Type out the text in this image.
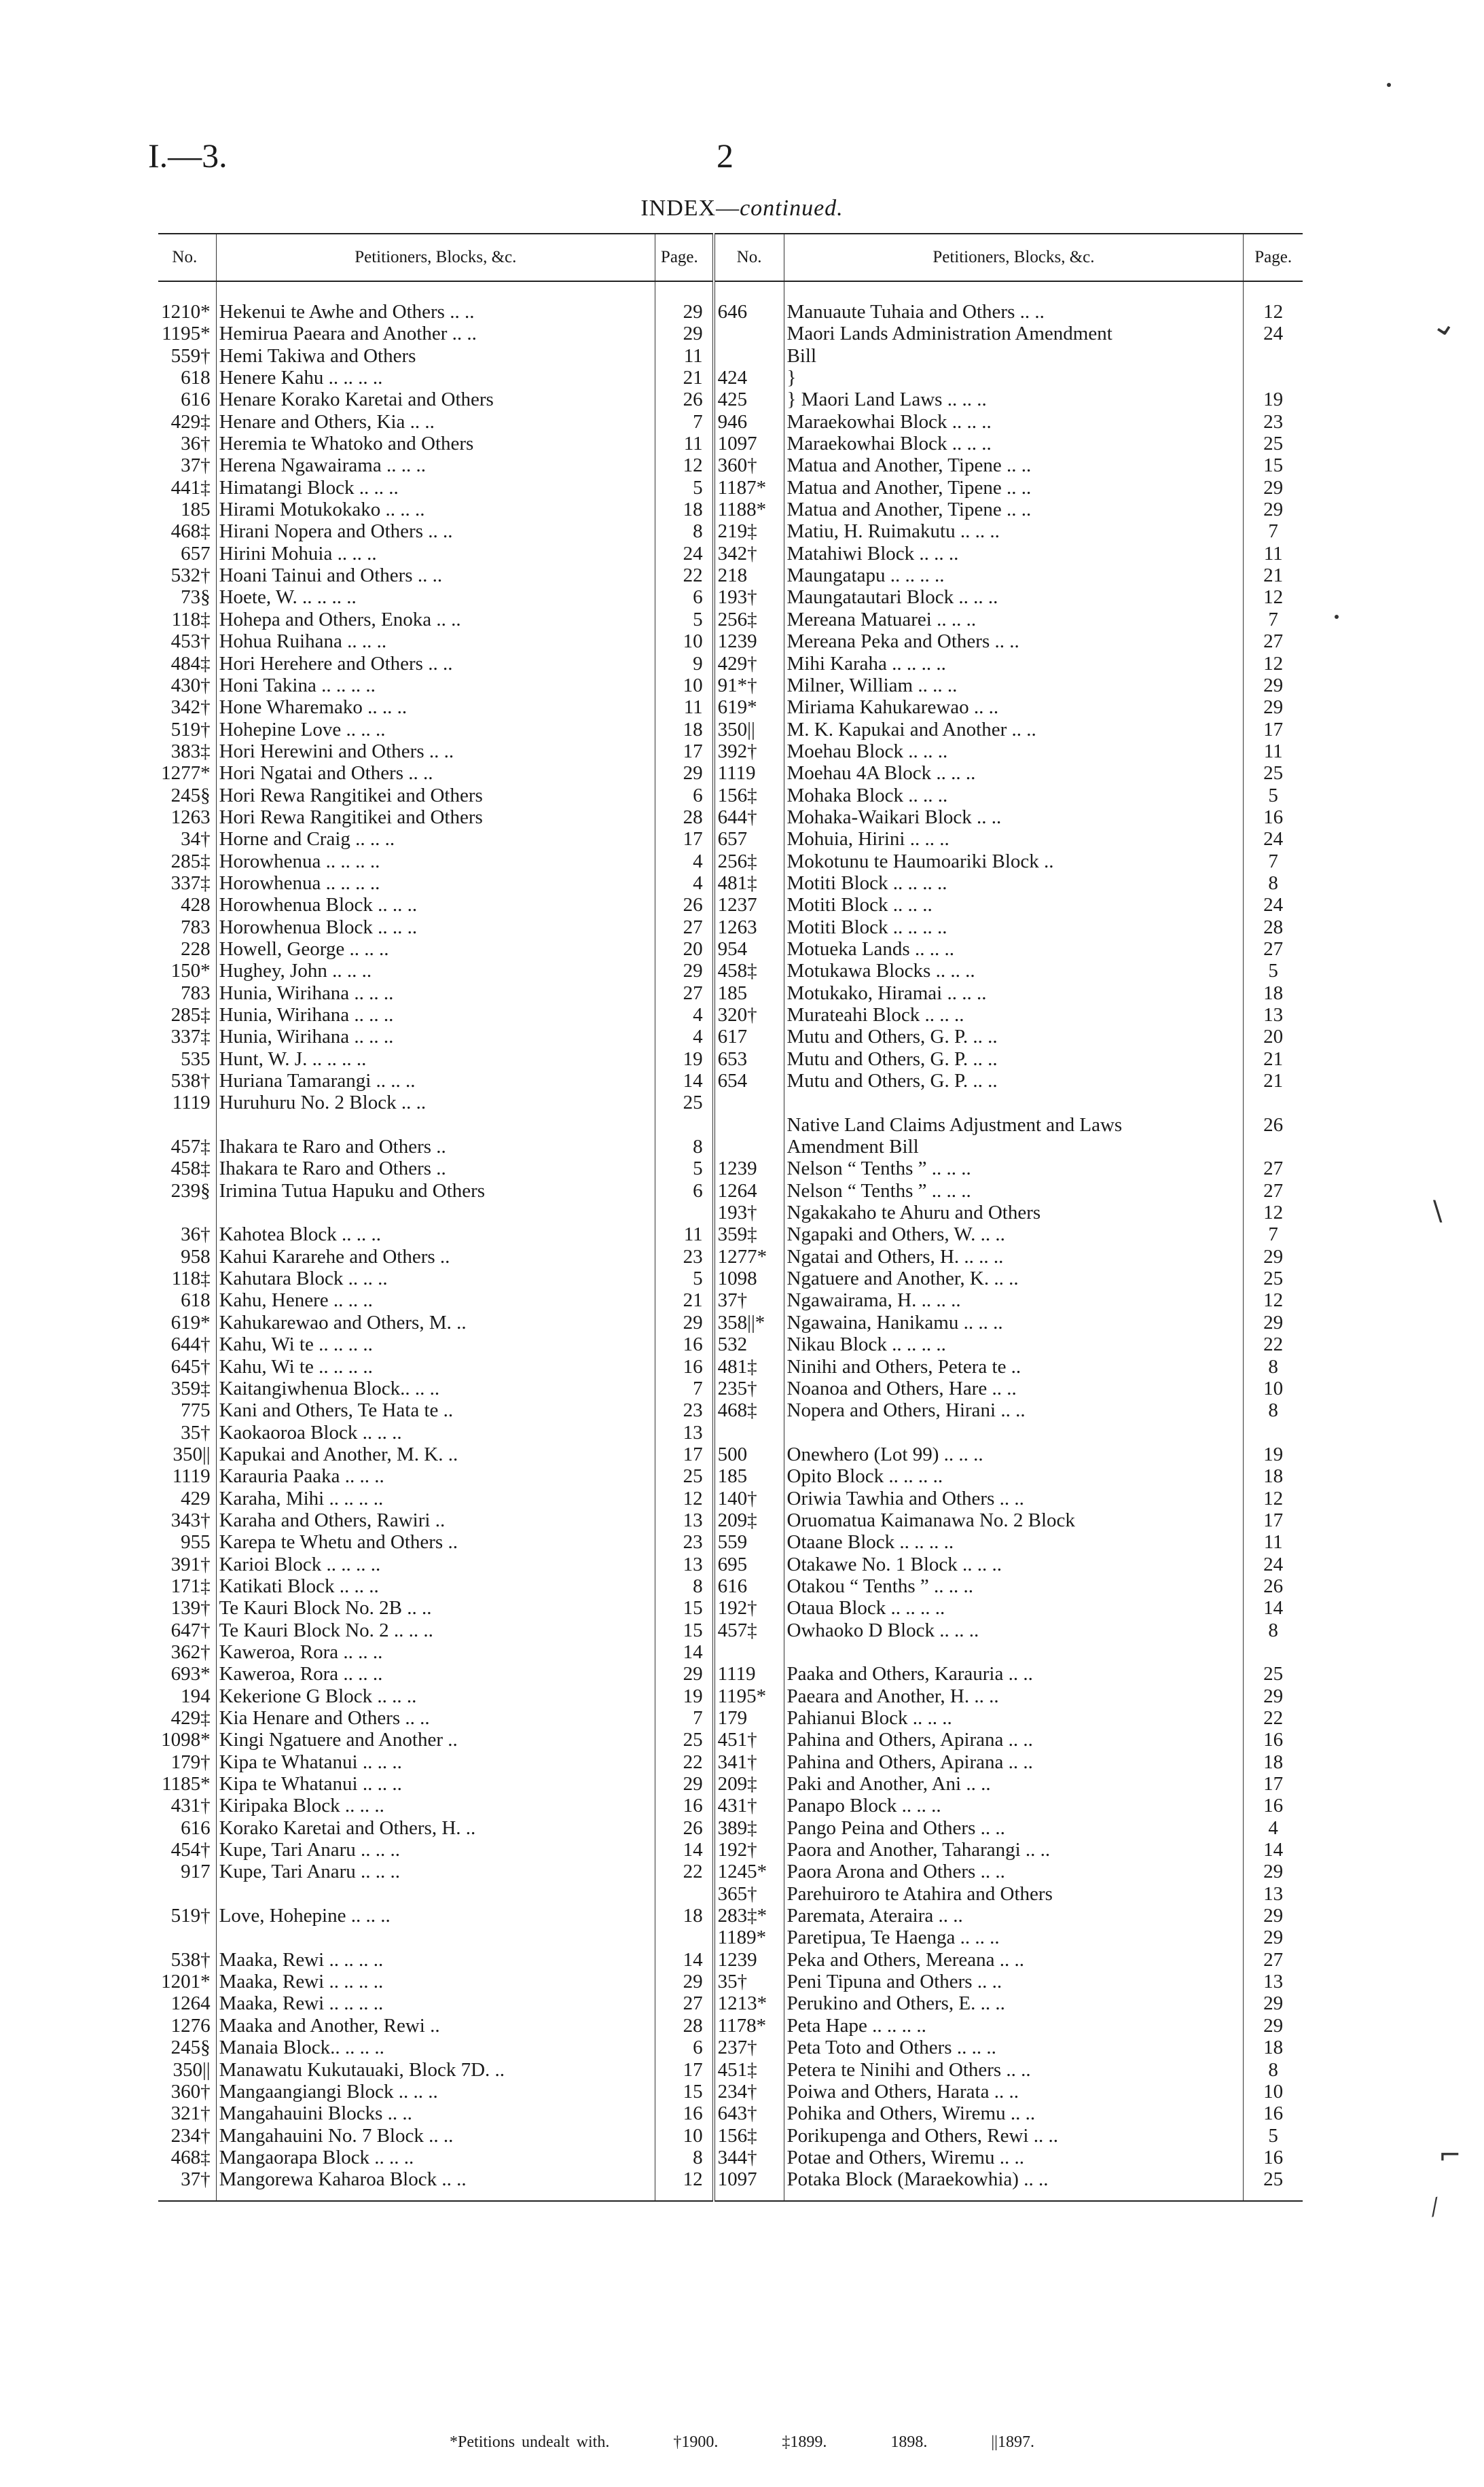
I.—3.	2
INDEX—continued.
No.	Petitioners, Blocks, &c.	Page.	No.	Petitioners, Blocks, &c.	Page.

1210*	Hekenui te Awhe and Others .. ..	29	646	Manuaute Tuhaia and Others .. ..	12
1195*	Hemirua Paeara and Another .. ..	29		Maori Lands Administration Amendment	24
559†	Hemi Takiwa and Others	11		Bill	
618	Henere Kahu .. .. .. ..	21	424	}	
616	Henare Korako Karetai and Others	26	425	} Maori Land Laws .. .. ..	19
429‡	Henare and Others, Kia .. ..	7	946	Maraekowhai Block .. .. ..	23
36†	Heremia te Whatoko and Others	11	1097	Maraekowhai Block .. .. ..	25
37†	Herena Ngawairama .. .. ..	12	360†	Matua and Another, Tipene .. ..	15
441‡	Himatangi Block .. .. ..	5	1187*	Matua and Another, Tipene .. ..	29
185	Hirami Motukokako .. .. ..	18	1188*	Matua and Another, Tipene .. ..	29
468‡	Hirani Nopera and Others .. ..	8	219‡	Matiu, H. Ruimakutu .. .. ..	7
657	Hirini Mohuia .. .. ..	24	342†	Matahiwi Block .. .. ..	11
532†	Hoani Tainui and Others .. ..	22	218	Maungatapu .. .. .. ..	21
73§	Hoete, W. .. .. .. ..	6	193†	Maungatautari Block .. .. ..	12
118‡	Hohepa and Others, Enoka .. ..	5	256‡	Mereana Matuarei .. .. ..	7
453†	Hohua Ruihana .. .. ..	10	1239	Mereana Peka and Others .. ..	27
484‡	Hori Herehere and Others .. ..	9	429†	Mihi Karaha .. .. .. ..	12
430†	Honi Takina .. .. .. ..	10	91*†	Milner, William .. .. ..	29
342†	Hone Wharemako .. .. ..	11	619*	Miriama Kahukarewao .. ..	29
519†	Hohepine Love .. .. ..	18	350||	M. K. Kapukai and Another .. ..	17
383‡	Hori Herewini and Others .. ..	17	392†	Moehau Block .. .. ..	11
1277*	Hori Ngatai and Others .. ..	29	1119	Moehau 4A Block .. .. ..	25
245§	Hori Rewa Rangitikei and Others	6	156‡	Mohaka Block .. .. ..	5
1263	Hori Rewa Rangitikei and Others	28	644†	Mohaka-Waikari Block .. ..	16
34†	Horne and Craig .. .. ..	17	657	Mohuia, Hirini .. .. ..	24
285‡	Horowhenua .. .. .. ..	4	256‡	Mokotunu te Haumoariki Block ..	7
337‡	Horowhenua .. .. .. ..	4	481‡	Motiti Block .. .. .. ..	8
428	Horowhenua Block .. .. ..	26	1237	Motiti Block .. .. ..	24
783	Horowhenua Block .. .. ..	27	1263	Motiti Block .. .. .. ..	28
228	Howell, George .. .. ..	20	954	Motueka Lands .. .. ..	27
150*	Hughey, John .. .. ..	29	458‡	Motukawa Blocks .. .. ..	5
783	Hunia, Wirihana .. .. ..	27	185	Motukako, Hiramai .. .. ..	18
285‡	Hunia, Wirihana .. .. ..	4	320†	Murateahi Block .. .. ..	13
337‡	Hunia, Wirihana .. .. ..	4	617	Mutu and Others, G. P. .. ..	20
535	Hunt, W. J. .. .. .. ..	19	653	Mutu and Others, G. P. .. ..	21
538†	Huriana Tamarangi .. .. ..	14	654	Mutu and Others, G. P. .. ..	21
1119	Huruhuru No. 2 Block .. ..	25			
				Native Land Claims Adjustment and Laws	26
457‡	Ihakara te Raro and Others ..	8		Amendment Bill	
458‡	Ihakara te Raro and Others ..	5	1239	Nelson “ Tenths ” .. .. ..	27
239§	Irimina Tutua Hapuku and Others	6	1264	Nelson “ Tenths ” .. .. ..	27
			193†	Ngakakaho te Ahuru and Others	12
36†	Kahotea Block .. .. ..	11	359‡	Ngapaki and Others, W. .. ..	7
958	Kahui Kararehe and Others ..	23	1277*	Ngatai and Others, H. .. .. ..	29
118‡	Kahutara Block .. .. ..	5	1098	Ngatuere and Another, K. .. ..	25
618	Kahu, Henere .. .. ..	21	37†	Ngawairama, H. .. .. ..	12
619*	Kahukarewao and Others, M. ..	29	358||*	Ngawaina, Hanikamu .. .. ..	29
644†	Kahu, Wi te .. .. .. ..	16	532	Nikau Block .. .. .. ..	22
645†	Kahu, Wi te .. .. .. ..	16	481‡	Ninihi and Others, Petera te ..	8
359‡	Kaitangiwhenua Block.. .. ..	7	235†	Noanoa and Others, Hare .. ..	10
775	Kani and Others, Te Hata te ..	23	468‡	Nopera and Others, Hirani .. ..	8
35†	Kaokaoroa Block .. .. ..	13			
350||	Kapukai and Another, M. K. ..	17	500	Onewhero (Lot 99) .. .. ..	19
1119	Karauria Paaka .. .. ..	25	185	Opito Block .. .. .. ..	18
429	Karaha, Mihi .. .. .. ..	12	140†	Oriwia Tawhia and Others .. ..	12
343†	Karaha and Others, Rawiri ..	13	209‡	Oruomatua Kaimanawa No. 2 Block	17
955	Karepa te Whetu and Others ..	23	559	Otaane Block .. .. .. ..	11
391†	Karioi Block .. .. .. ..	13	695	Otakawe No. 1 Block .. .. ..	24
171‡	Katikati Block .. .. ..	8	616	Otakou “ Tenths ” .. .. ..	26
139†	Te Kauri Block No. 2B .. ..	15	192†	Otaua Block .. .. .. ..	14
647†	Te Kauri Block No. 2 .. .. ..	15	457‡	Owhaoko D Block .. .. ..	8
362†	Kaweroa, Rora .. .. ..	14			
693*	Kaweroa, Rora .. .. ..	29	1119	Paaka and Others, Karauria .. ..	25
194	Kekerione G Block .. .. ..	19	1195*	Paeara and Another, H. .. ..	29
429‡	Kia Henare and Others .. ..	7	179	Pahianui Block .. .. ..	22
1098*	Kingi Ngatuere and Another ..	25	451†	Pahina and Others, Apirana .. ..	16
179†	Kipa te Whatanui .. .. ..	22	341†	Pahina and Others, Apirana .. ..	18
1185*	Kipa te Whatanui .. .. ..	29	209‡	Paki and Another, Ani .. ..	17
431†	Kiripaka Block .. .. ..	16	431†	Panapo Block .. .. ..	16
616	Korako Karetai and Others, H. ..	26	389‡	Pango Peina and Others .. ..	4
454†	Kupe, Tari Anaru .. .. ..	14	192†	Paora and Another, Taharangi .. ..	14
917	Kupe, Tari Anaru .. .. ..	22	1245*	Paora Arona and Others .. ..	29
			365†	Parehuiroro te Atahira and Others	13
519†	Love, Hohepine .. .. ..	18	283‡*	Paremata, Ateraira .. ..	29
			1189*	Paretipua, Te Haenga .. .. ..	29
538†	Maaka, Rewi .. .. .. ..	14	1239	Peka and Others, Mereana .. ..	27
1201*	Maaka, Rewi .. .. .. ..	29	35†	Peni Tipuna and Others .. ..	13
1264	Maaka, Rewi .. .. .. ..	27	1213*	Perukino and Others, E. .. ..	29
1276	Maaka and Another, Rewi ..	28	1178*	Peta Hape .. .. .. ..	29
245§	Manaia Block.. .. .. ..	6	237†	Peta Toto and Others .. .. ..	18
350||	Manawatu Kukutauaki, Block 7D. ..	17	451‡	Petera te Ninihi and Others .. ..	8
360†	Mangaangiangi Block .. .. ..	15	234†	Poiwa and Others, Harata .. ..	10
321†	Mangahauini Blocks .. ..	16	643†	Pohika and Others, Wiremu .. ..	16
234†	Mangahauini No. 7 Block .. ..	10	156‡	Porikupenga and Others, Rewi .. ..	5
468‡	Mangaorapa Block .. .. ..	8	344†	Potae and Others, Wiremu .. ..	16
37†	Mangorewa Kaharoa Block .. ..	12	1097	Potaka Block (Maraekowhia) .. ..	25

*Petitions undealt with.	†1900.	‡1899.	1898.	||1897.
⌄
\
⌐
⁄
